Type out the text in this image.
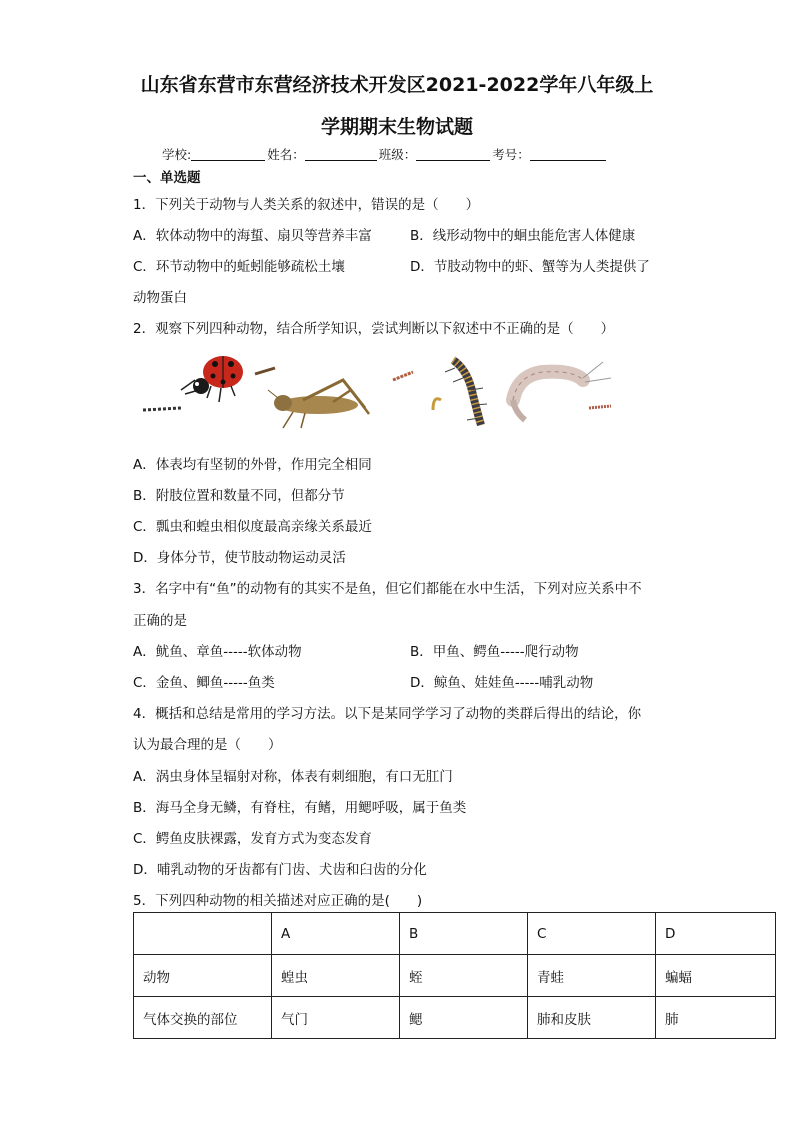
山东省东营市东营经济技术开发区2021-2022学年八年级上
学期期末生物试题
学校:	姓名：	班级：	考号：
一、单选题
1．下列关于动物与人类关系的叙述中，错误的是（　　）
A．软体动物中的海蜇、扇贝等营养丰富	B．线形动物中的蛔虫能危害人体健康
C．环节动物中的蚯蚓能够疏松土壤	D．节肢动物中的虾、蟹等为人类提供了
动物蛋白
2．观察下列四种动物，结合所学知识，尝试判断以下叙述中不正确的是（　　）
A．体表均有坚韧的外骨，作用完全相同
B．附肢位置和数量不同，但都分节
C．瓢虫和蝗虫相似度最高亲缘关系最近
D．身体分节，使节肢动物运动灵活
3．名字中有“鱼”的动物有的其实不是鱼，但它们都能在水中生活，下列对应关系中不
正确的是
A．鱿鱼、章鱼-----软体动物	B．甲鱼、鳄鱼-----爬行动物
C．金鱼、鲫鱼-----鱼类	D．鲸鱼、娃娃鱼-----哺乳动物
4．概括和总结是常用的学习方法。以下是某同学学习了动物的类群后得出的结论，你
认为最合理的是（　　）
A．涡虫身体呈辐射对称，体表有刺细胞，有口无肛门
B．海马全身无鳞，有脊柱，有鳍，用鳃呼吸，属于鱼类
C．鳄鱼皮肤裸露，发育方式为变态发育
D．哺乳动物的牙齿都有门齿、犬齿和臼齿的分化
5．下列四种动物的相关描述对应正确的是(　　)
	A	B	C	D
动物	蝗虫	蛭	青蛙	蝙蝠
气体交换的部位	气门	鳃	肺和皮肤	肺
